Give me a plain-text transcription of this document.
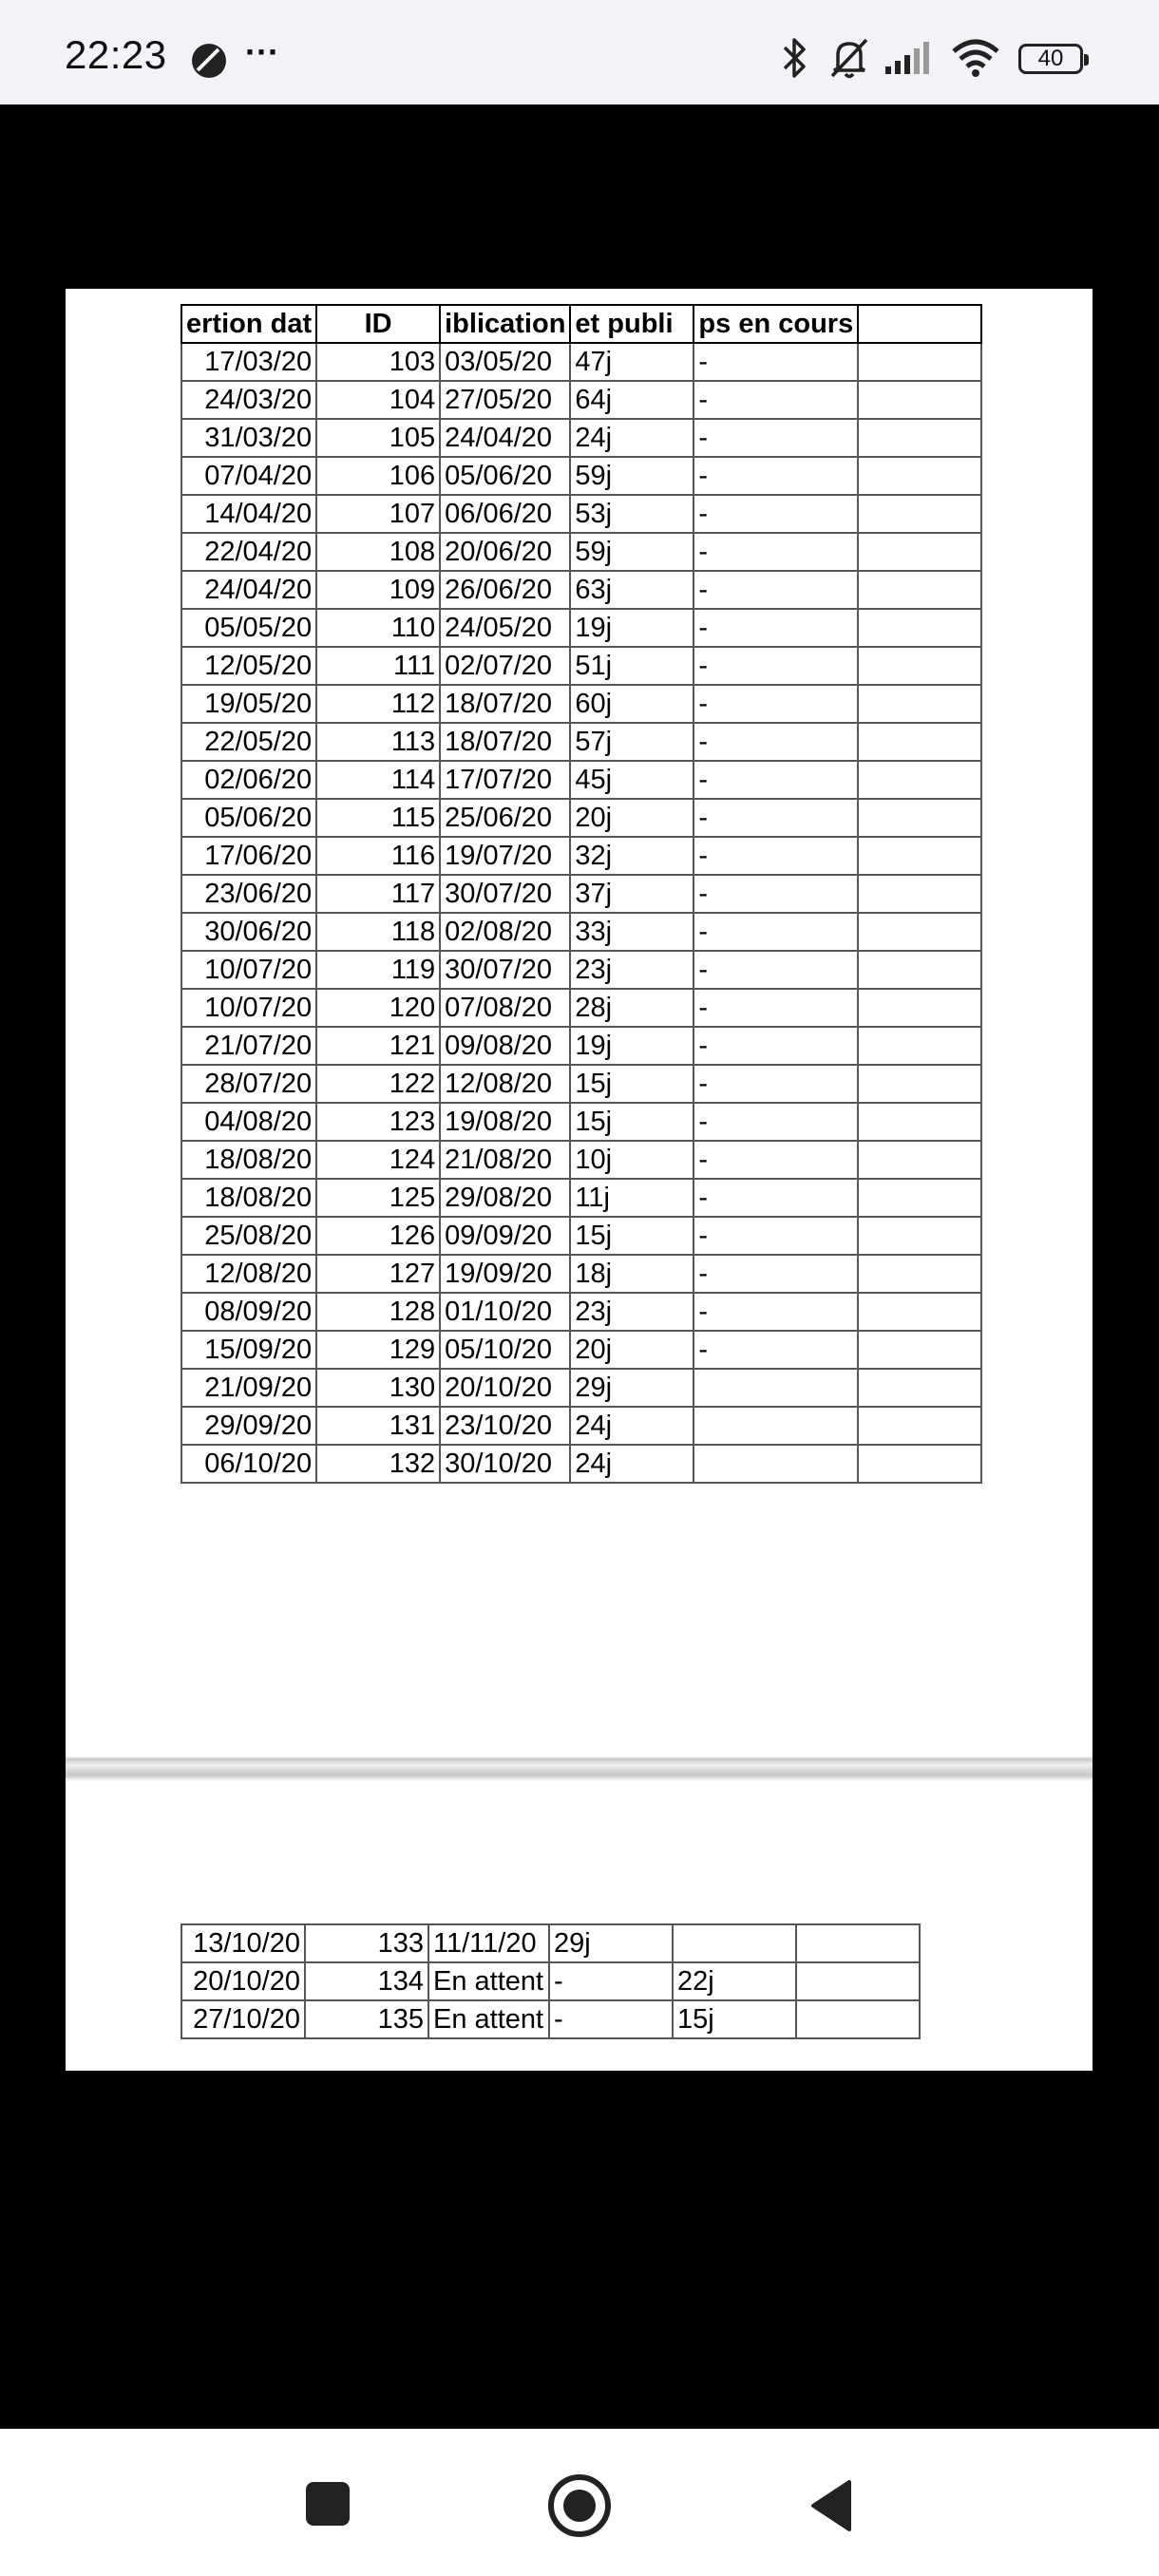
22:23 ···	40
ertion dat	ID	iblication	et publi	ps en cours	
17/03/20	103	03/05/20	47j	-	
24/03/20	104	27/05/20	64j	-	
31/03/20	105	24/04/20	24j	-	
07/04/20	106	05/06/20	59j	-	
14/04/20	107	06/06/20	53j	-	
22/04/20	108	20/06/20	59j	-	
24/04/20	109	26/06/20	63j	-	
05/05/20	110	24/05/20	19j	-	
12/05/20	111	02/07/20	51j	-	
19/05/20	112	18/07/20	60j	-	
22/05/20	113	18/07/20	57j	-	
02/06/20	114	17/07/20	45j	-	
05/06/20	115	25/06/20	20j	-	
17/06/20	116	19/07/20	32j	-	
23/06/20	117	30/07/20	37j	-	
30/06/20	118	02/08/20	33j	-	
10/07/20	119	30/07/20	23j	-	
10/07/20	120	07/08/20	28j	-	
21/07/20	121	09/08/20	19j	-	
28/07/20	122	12/08/20	15j	-	
04/08/20	123	19/08/20	15j	-	
18/08/20	124	21/08/20	10j	-	
18/08/20	125	29/08/20	11j	-	
25/08/20	126	09/09/20	15j	-	
12/08/20	127	19/09/20	18j	-	
08/09/20	128	01/10/20	23j	-	
15/09/20	129	05/10/20	20j	-	
21/09/20	130	20/10/20	29j		
29/09/20	131	23/10/20	24j		
06/10/20	132	30/10/20	24j		
13/10/20	133	11/11/20	29j		
20/10/20	134	En attent	-	22j	
27/10/20	135	En attent	-	15j	
